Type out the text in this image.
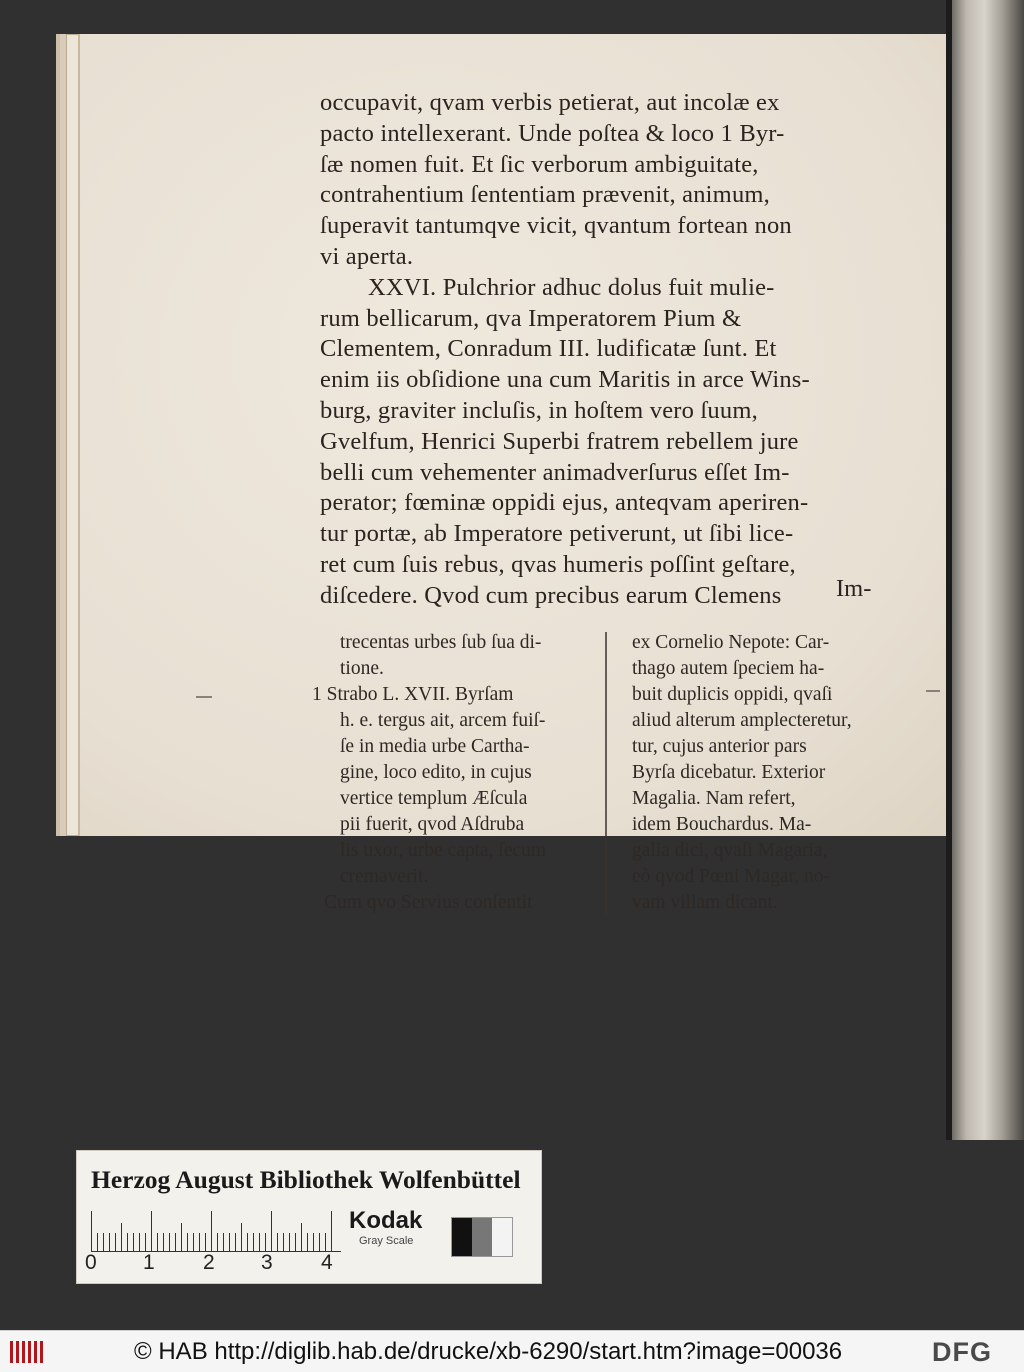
occupavit, qvam verbis petierat, aut incolæ ex
pacto intellexerant. Unde poſtea & loco 1 Byr-
ſæ nomen fuit. Et ſic verborum ambiguitate,
contrahentium ſententiam prævenit, animum,
ſuperavit tantumqve vicit, qvantum fortean non
vi aperta.
XXVI. Pulchrior adhuc dolus fuit mulie-
rum bellicarum, qva Imperatorem Pium &
Clementem, Conradum III. ludificatæ ſunt. Et
enim iis obſidione una cum Maritis in arce Wins-
burg, graviter incluſis, in hoſtem vero ſuum,
Gvelfum, Henrici Superbi fratrem rebellem jure
belli cum vehementer animadverſurus eſſet Im-
perator; fœminæ oppidi ejus, anteqvam aperiren-
tur portæ, ab Imperatore petiverunt, ut ſibi lice-
ret cum ſuis rebus, qvas humeris poſſint geſtare,
diſcedere. Qvod cum precibus earum Clemens	Im-
trecentas urbes ſub ſua di-
tione.
1 Strabo L. XVII. Byrſam
h. e. tergus ait, arcem fuiſ-
ſe in media urbe Cartha-
gine, loco edito, in cujus
vertice templum Æſcula
pii fuerit, qvod Aſdruba
lis uxor, urbe capta, ſecum
cremaverit.
Cum qvo Servius conſentit
ex Cornelio Nepote: Car-
thago autem ſpeciem ha-
buit duplicis oppidi, qvaſi
aliud alterum amplecteretur,
tur, cujus anterior pars
Byrſa dicebatur. Exterior
Magalia. Nam refert,
idem Bouchardus. Ma-
galia dici, qvaſi Magaria,
eò qvod Pœni Magar, no-
vam villam dicant.
Herzog August Bibliothek Wolfenbüttel
0 1 2 3 4
Kodak
Gray Scale
© HAB http://diglib.hab.de/drucke/xb-6290/start.htm?image=00036	DFG
